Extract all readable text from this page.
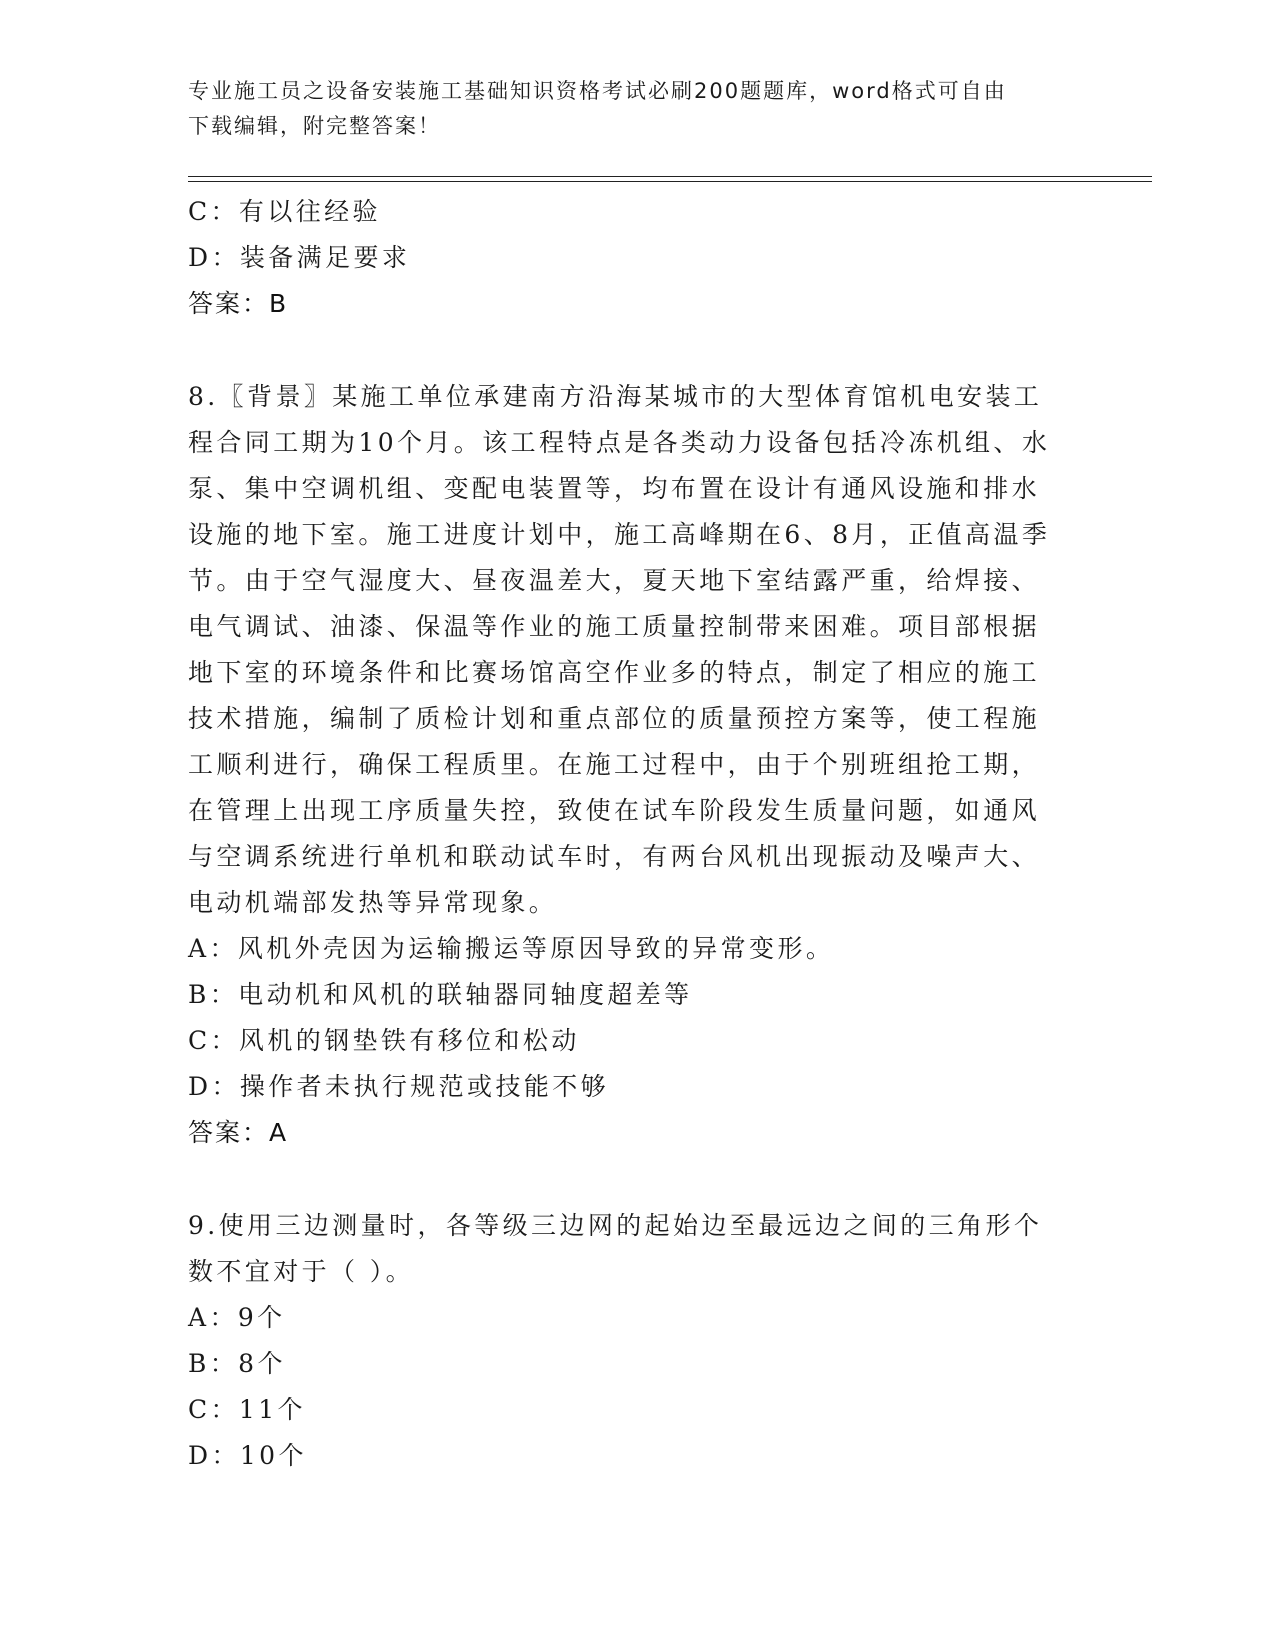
专业施工员之设备安装施工基础知识资格考试必刷200题题库，word格式可自由
下载编辑，附完整答案！
C：有以往经验
D：装备满足要求
答案：B
8.〖背景〗某施工单位承建南方沿海某城市的大型体育馆机电安装工
程合同工期为10个月。该工程特点是各类动力设备包括冷冻机组、水
泵、集中空调机组、变配电装置等，均布置在设计有通风设施和排水
设施的地下室。施工进度计划中，施工高峰期在6、8月，正值高温季
节。由于空气湿度大、昼夜温差大，夏天地下室结露严重，给焊接、
电气调试、油漆、保温等作业的施工质量控制带来困难。项目部根据
地下室的环境条件和比赛场馆高空作业多的特点，制定了相应的施工
技术措施，编制了质检计划和重点部位的质量预控方案等，使工程施
工顺利进行，确保工程质里。在施工过程中，由于个别班组抢工期，
在管理上出现工序质量失控，致使在试车阶段发生质量问题，如通风
与空调系统进行单机和联动试车时，有两台风机出现振动及噪声大、
电动机端部发热等异常现象。
A：风机外壳因为运输搬运等原因导致的异常变形。
B：电动机和风机的联轴器同轴度超差等
C：风机的钢垫铁有移位和松动
D：操作者未执行规范或技能不够
答案：A
9.使用三边测量时，各等级三边网的起始边至最远边之间的三角形个
数不宜对于（ ）。
A：9个
B：8个
C：11个
D：10个
